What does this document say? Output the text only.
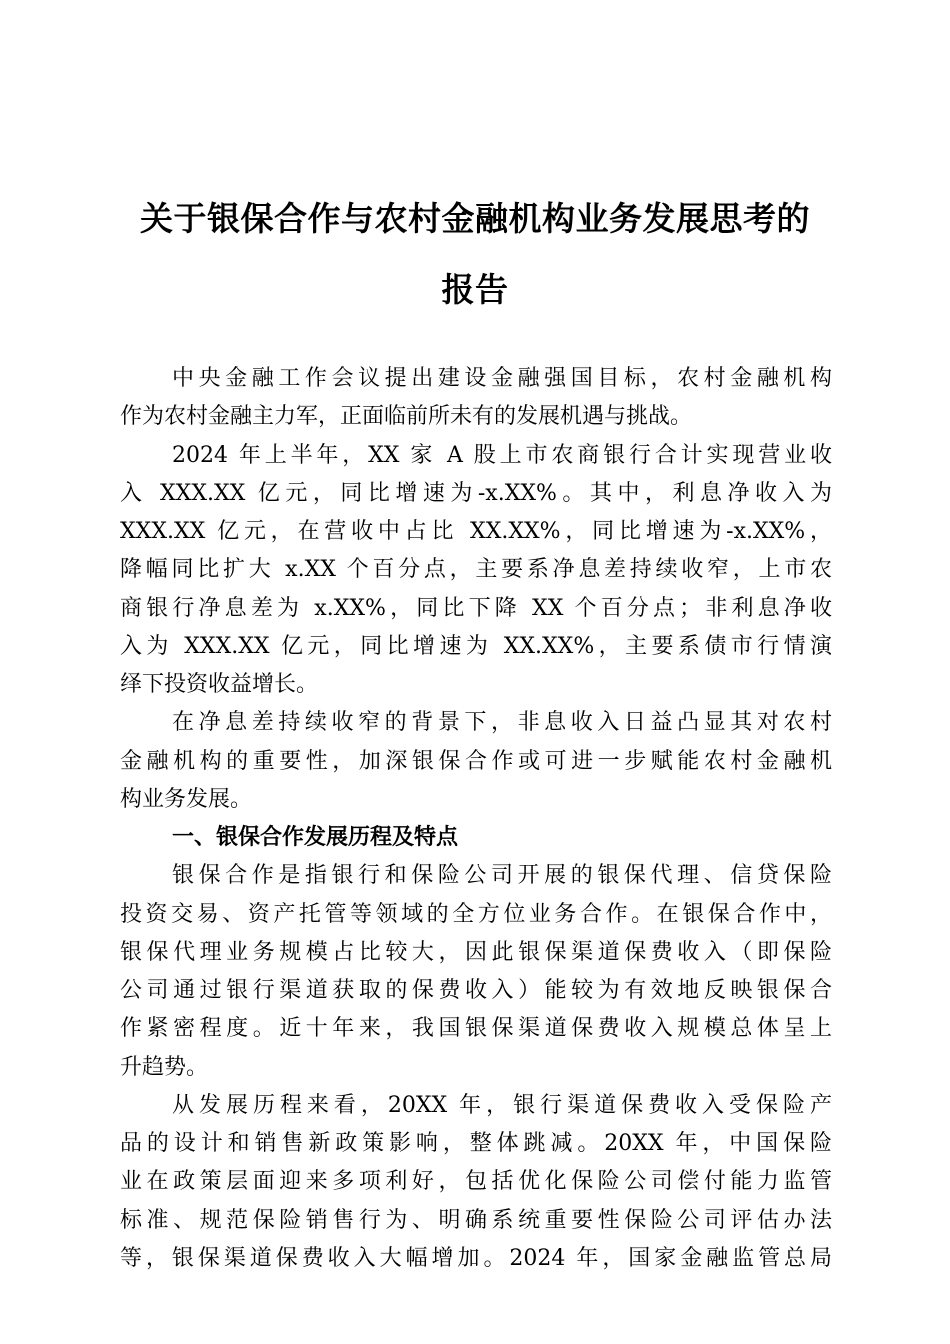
关于银保合作与农村金融机构业务发展思考的
报告
中央金融工作会议提出建设金融强国目标，农村金融机构
作为农村金融主力军，正面临前所未有的发展机遇与挑战。
2024 年上半年，XX 家 A 股上市农商银行合计实现营业收
入 XXX.XX 亿元，同比增速为-x.XX%。其中，利息净收入为
XXX.XX 亿元，在营收中占比 XX.XX%，同比增速为-x.XX%，
降幅同比扩大 x.XX 个百分点，主要系净息差持续收窄，上市农
商银行净息差为 x.XX%，同比下降 XX 个百分点；非利息净收
入为 XXX.XX 亿元，同比增速为 XX.XX%，主要系债市行情演
绎下投资收益增长。
在净息差持续收窄的背景下，非息收入日益凸显其对农村
金融机构的重要性，加深银保合作或可进一步赋能农村金融机
构业务发展。
一、银保合作发展历程及特点
银保合作是指银行和保险公司开展的银保代理、信贷保险
投资交易、资产托管等领域的全方位业务合作。在银保合作中，
银保代理业务规模占比较大，因此银保渠道保费收入（即保险
公司通过银行渠道获取的保费收入）能较为有效地反映银保合
作紧密程度。近十年来，我国银保渠道保费收入规模总体呈上
升趋势。
从发展历程来看，20XX 年，银行渠道保费收入受保险产
品的设计和销售新政策影响，整体跳减。20XX 年，中国保险
业在政策层面迎来多项利好，包括优化保险公司偿付能力监管
标准、规范保险销售行为、明确系统重要性保险公司评估办法
等，银保渠道保费收入大幅增加。2024 年，国家金融监管总局
